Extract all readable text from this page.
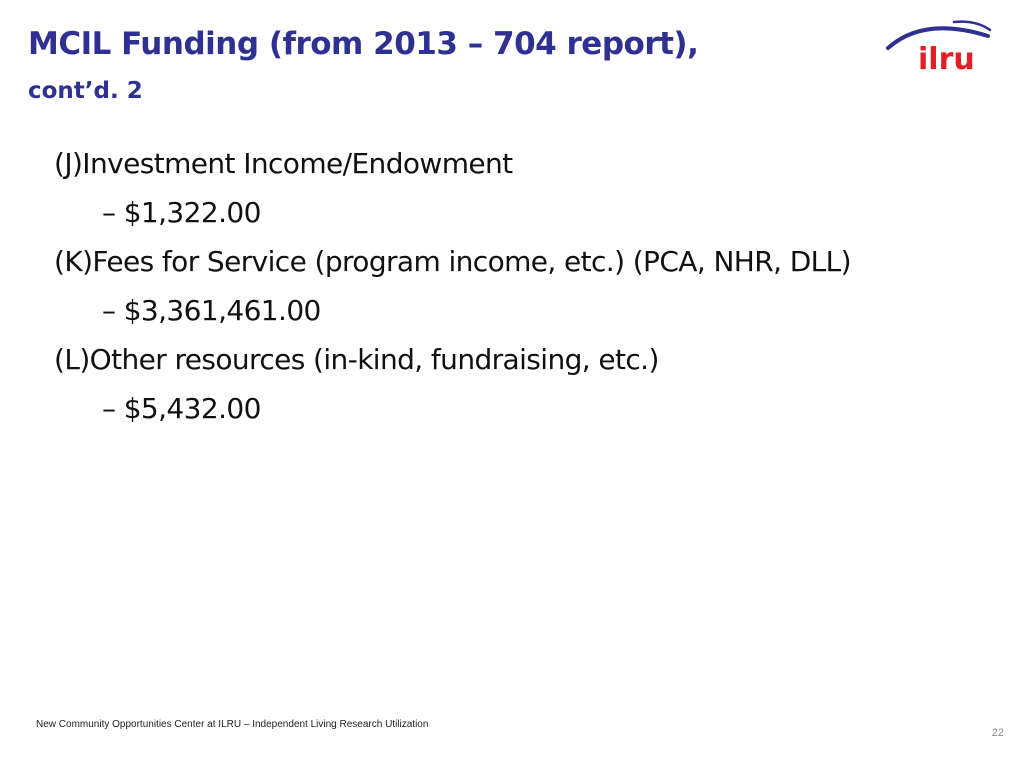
MCIL Funding (from 2013 – 704 report),
cont’d. 2
ilru
(J)Investment Income/Endowment
– $1,322.00
(K)Fees for Service (program income, etc.) (PCA, NHR, DLL)
– $3,361,461.00
(L)Other resources (in-kind, fundraising, etc.)
– $5,432.00
New Community Opportunities Center at ILRU – Independent Living Research Utilization
22
